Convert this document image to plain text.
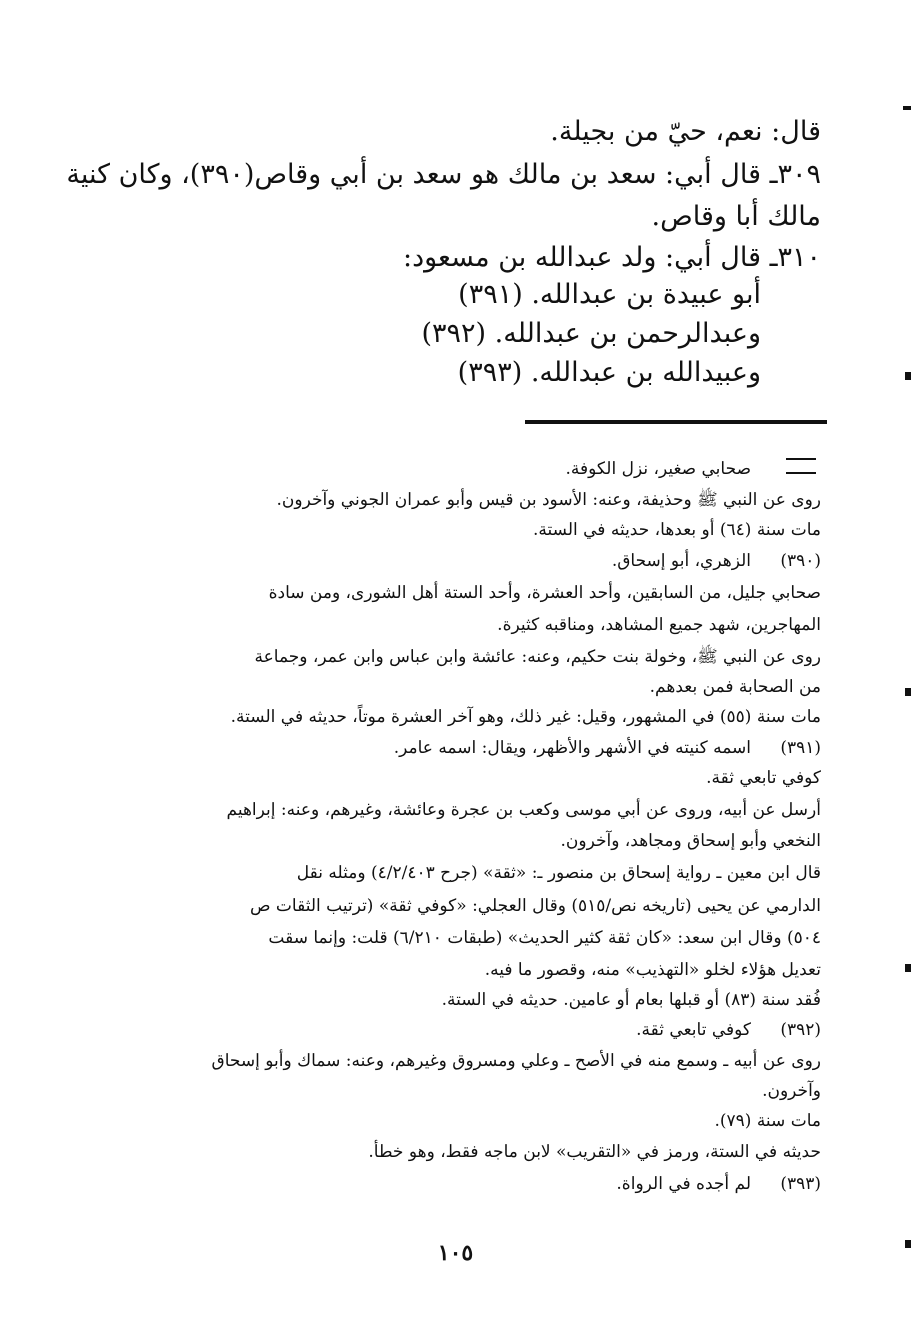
قال: نعم، حيّ من بجيلة.
٣٠٩ـ قال أبي: سعد بن مالك هو سعد بن أبي وقاص(٣٩٠)، وكان كنية
مالك أبا وقاص.
٣١٠ـ قال أبي: ولد عبدالله بن مسعود:
أبو عبيدة بن عبدالله. (٣٩١)
وعبدالرحمن بن عبدالله. (٣٩٢)
وعبيدالله بن عبدالله. (٣٩٣)
صحابي صغير، نزل الكوفة.
روى عن النبي ﷺ وحذيفة، وعنه: الأسود بن قيس وأبو عمران الجوني وآخرون.
مات سنة (٦٤) أو بعدها، حديثه في الستة.
(٣٩٠)
الزهري، أبو إسحاق.
صحابي جليل، من السابقين، وأحد العشرة، وأحد الستة أهل الشورى، ومن سادة
المهاجرين، شهد جميع المشاهد، ومناقبه كثيرة.
روى عن النبي ﷺ، وخولة بنت حكيم، وعنه: عائشة وابن عباس وابن عمر، وجماعة
من الصحابة فمن بعدهم.
مات سنة (٥٥) في المشهور، وقيل: غير ذلك، وهو آخر العشرة موتاً، حديثه في الستة.
(٣٩١)
اسمه كنيته في الأشهر والأظهر، ويقال: اسمه عامر.
كوفي تابعي ثقة.
أرسل عن أبيه، وروى عن أبي موسى وكعب بن عجرة وعائشة، وغيرهم، وعنه: إبراهيم
النخعي وأبو إسحاق ومجاهد، وآخرون.
قال ابن معين ـ رواية إسحاق بن منصور ـ: «ثقة» (جرح ٤/٢/٤٠٣) ومثله نقل
الدارمي عن يحيى (تاريخه نص/٥١٥) وقال العجلي: «كوفي ثقة» (ترتيب الثقات ص
٥٠٤) وقال ابن سعد: «كان ثقة كثير الحديث» (طبقات ٦/٢١٠) قلت: وإنما سقت
تعديل هؤلاء لخلو «التهذيب» منه، وقصور ما فيه.
فُقد سنة (٨٣) أو قبلها بعام أو عامين. حديثه في الستة.
(٣٩٢)
كوفي تابعي ثقة.
روى عن أبيه ـ وسمع منه في الأصح ـ وعلي ومسروق وغيرهم، وعنه: سماك وأبو إسحاق
وآخرون.
مات سنة (٧٩).
حديثه في الستة، ورمز في «التقريب» لابن ماجه فقط، وهو خطأ.
(٣٩٣)
لم أجده في الرواة.
١٠٥
